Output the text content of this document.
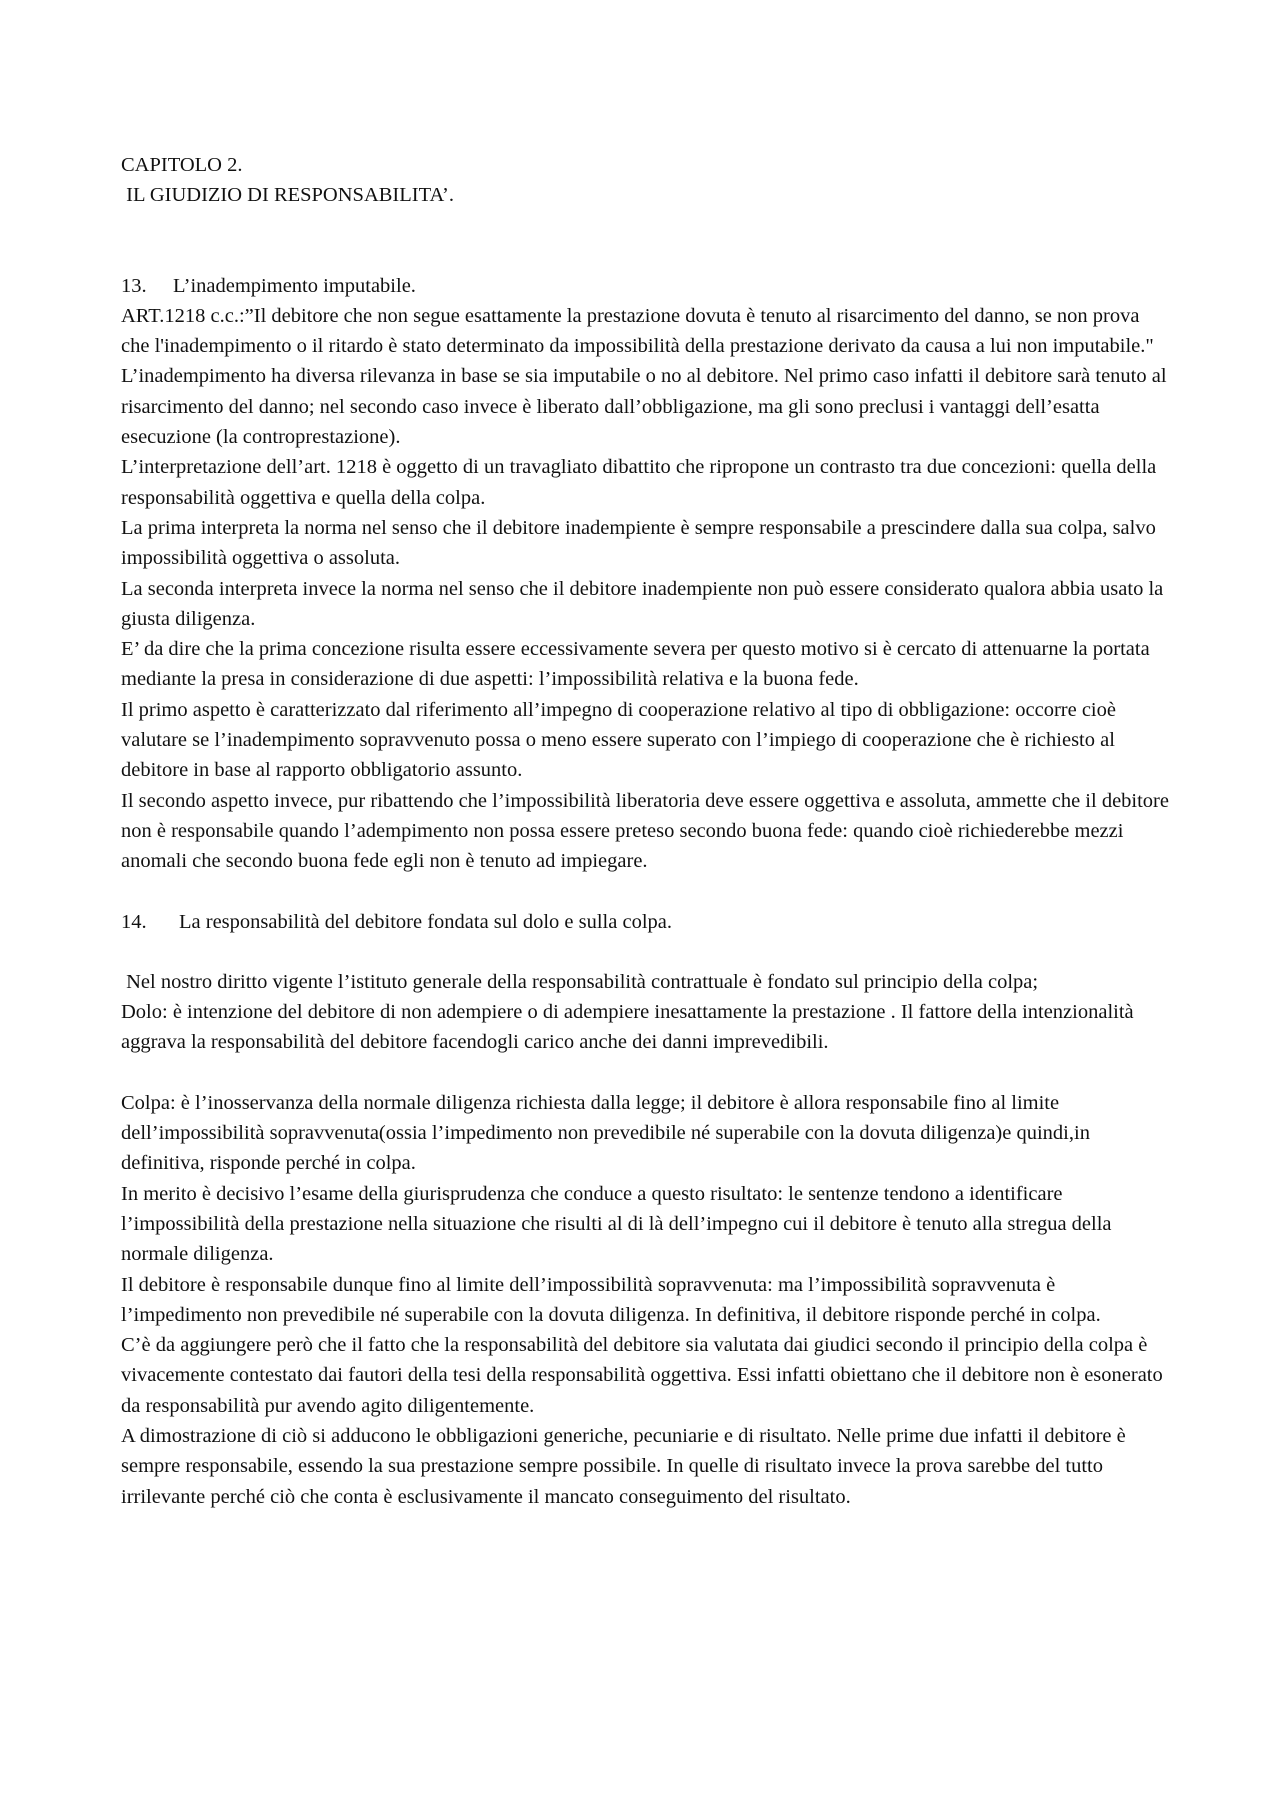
CAPITOLO 2.

IL GIUDIZIO DI RESPONSABILITA’.

13. L’inadempimento imputabile.

ART.1218 c.c.:”Il debitore che non segue esattamente la prestazione dovuta è tenuto al risarcimento del danno, se non prova che l'inadempimento o il ritardo è stato determinato da impossibilità della prestazione derivato da causa a lui non imputabile."

L’inadempimento ha diversa rilevanza in base se sia imputabile o no al debitore. Nel primo caso infatti il debitore sarà tenuto al risarcimento del danno; nel secondo caso invece è liberato dall’obbligazione, ma gli sono preclusi i vantaggi dell’esatta esecuzione (la controprestazione).

L’interpretazione dell’art. 1218 è oggetto di un travagliato dibattito che ripropone un contrasto tra due concezioni: quella della responsabilità oggettiva e quella della colpa.

La prima interpreta la norma nel senso che il debitore inadempiente è sempre responsabile a prescindere dalla sua colpa, salvo impossibilità oggettiva o assoluta.

La seconda interpreta invece la norma nel senso che il debitore inadempiente non può essere considerato qualora abbia usato la giusta diligenza.

E’ da dire che la prima concezione risulta essere eccessivamente severa per questo motivo si è cercato di attenuarne la portata mediante la presa in considerazione di due aspetti: l’impossibilità relativa e la buona fede.

Il primo aspetto è caratterizzato dal riferimento all’impegno di cooperazione relativo al tipo di obbligazione: occorre cioè valutare se l’inadempimento sopravvenuto possa o meno essere superato con l’impiego di cooperazione che è richiesto al debitore in base al rapporto obbligatorio assunto.

Il secondo aspetto invece, pur ribattendo che l’impossibilità liberatoria deve essere oggettiva e assoluta, ammette che il debitore non è responsabile quando l’adempimento non possa essere preteso secondo buona fede: quando cioè richiederebbe mezzi anomali che secondo buona fede egli non è tenuto ad impiegare.

14. La responsabilità del debitore fondata sul dolo e sulla colpa.

Nel nostro diritto vigente l’istituto generale della responsabilità contrattuale è fondato sul principio della colpa;

Dolo: è intenzione del debitore di non adempiere o di adempiere inesattamente la prestazione . Il fattore della intenzionalità aggrava la responsabilità del debitore facendogli carico anche dei danni imprevedibili.

Colpa: è l’inosservanza della normale diligenza richiesta dalla legge; il debitore è allora responsabile fino al limite dell’impossibilità sopravvenuta(ossia l’impedimento non prevedibile né superabile con la dovuta diligenza)e quindi,in definitiva, risponde perché in colpa.

In merito è decisivo l’esame della giurisprudenza che conduce a questo risultato: le sentenze tendono a identificare l’impossibilità della prestazione nella situazione che risulti al di là dell’impegno cui il debitore è tenuto alla stregua della normale diligenza.

Il debitore è responsabile dunque fino al limite dell’impossibilità sopravvenuta: ma l’impossibilità sopravvenuta è l’impedimento non prevedibile né superabile con la dovuta diligenza. In definitiva, il debitore risponde perché in colpa.

C’è da aggiungere però che il fatto che la responsabilità del debitore sia valutata dai giudici secondo il principio della colpa è vivacemente contestato dai fautori della tesi della responsabilità oggettiva. Essi infatti obiettano che il debitore non è esonerato da responsabilità pur avendo agito diligentemente.

A dimostrazione di ciò si adducono le obbligazioni generiche, pecuniarie e di risultato. Nelle prime due infatti il debitore è sempre responsabile, essendo la sua prestazione sempre possibile. In quelle di risultato invece la prova sarebbe del tutto irrilevante perché ciò che conta è esclusivamente il mancato conseguimento del risultato.
